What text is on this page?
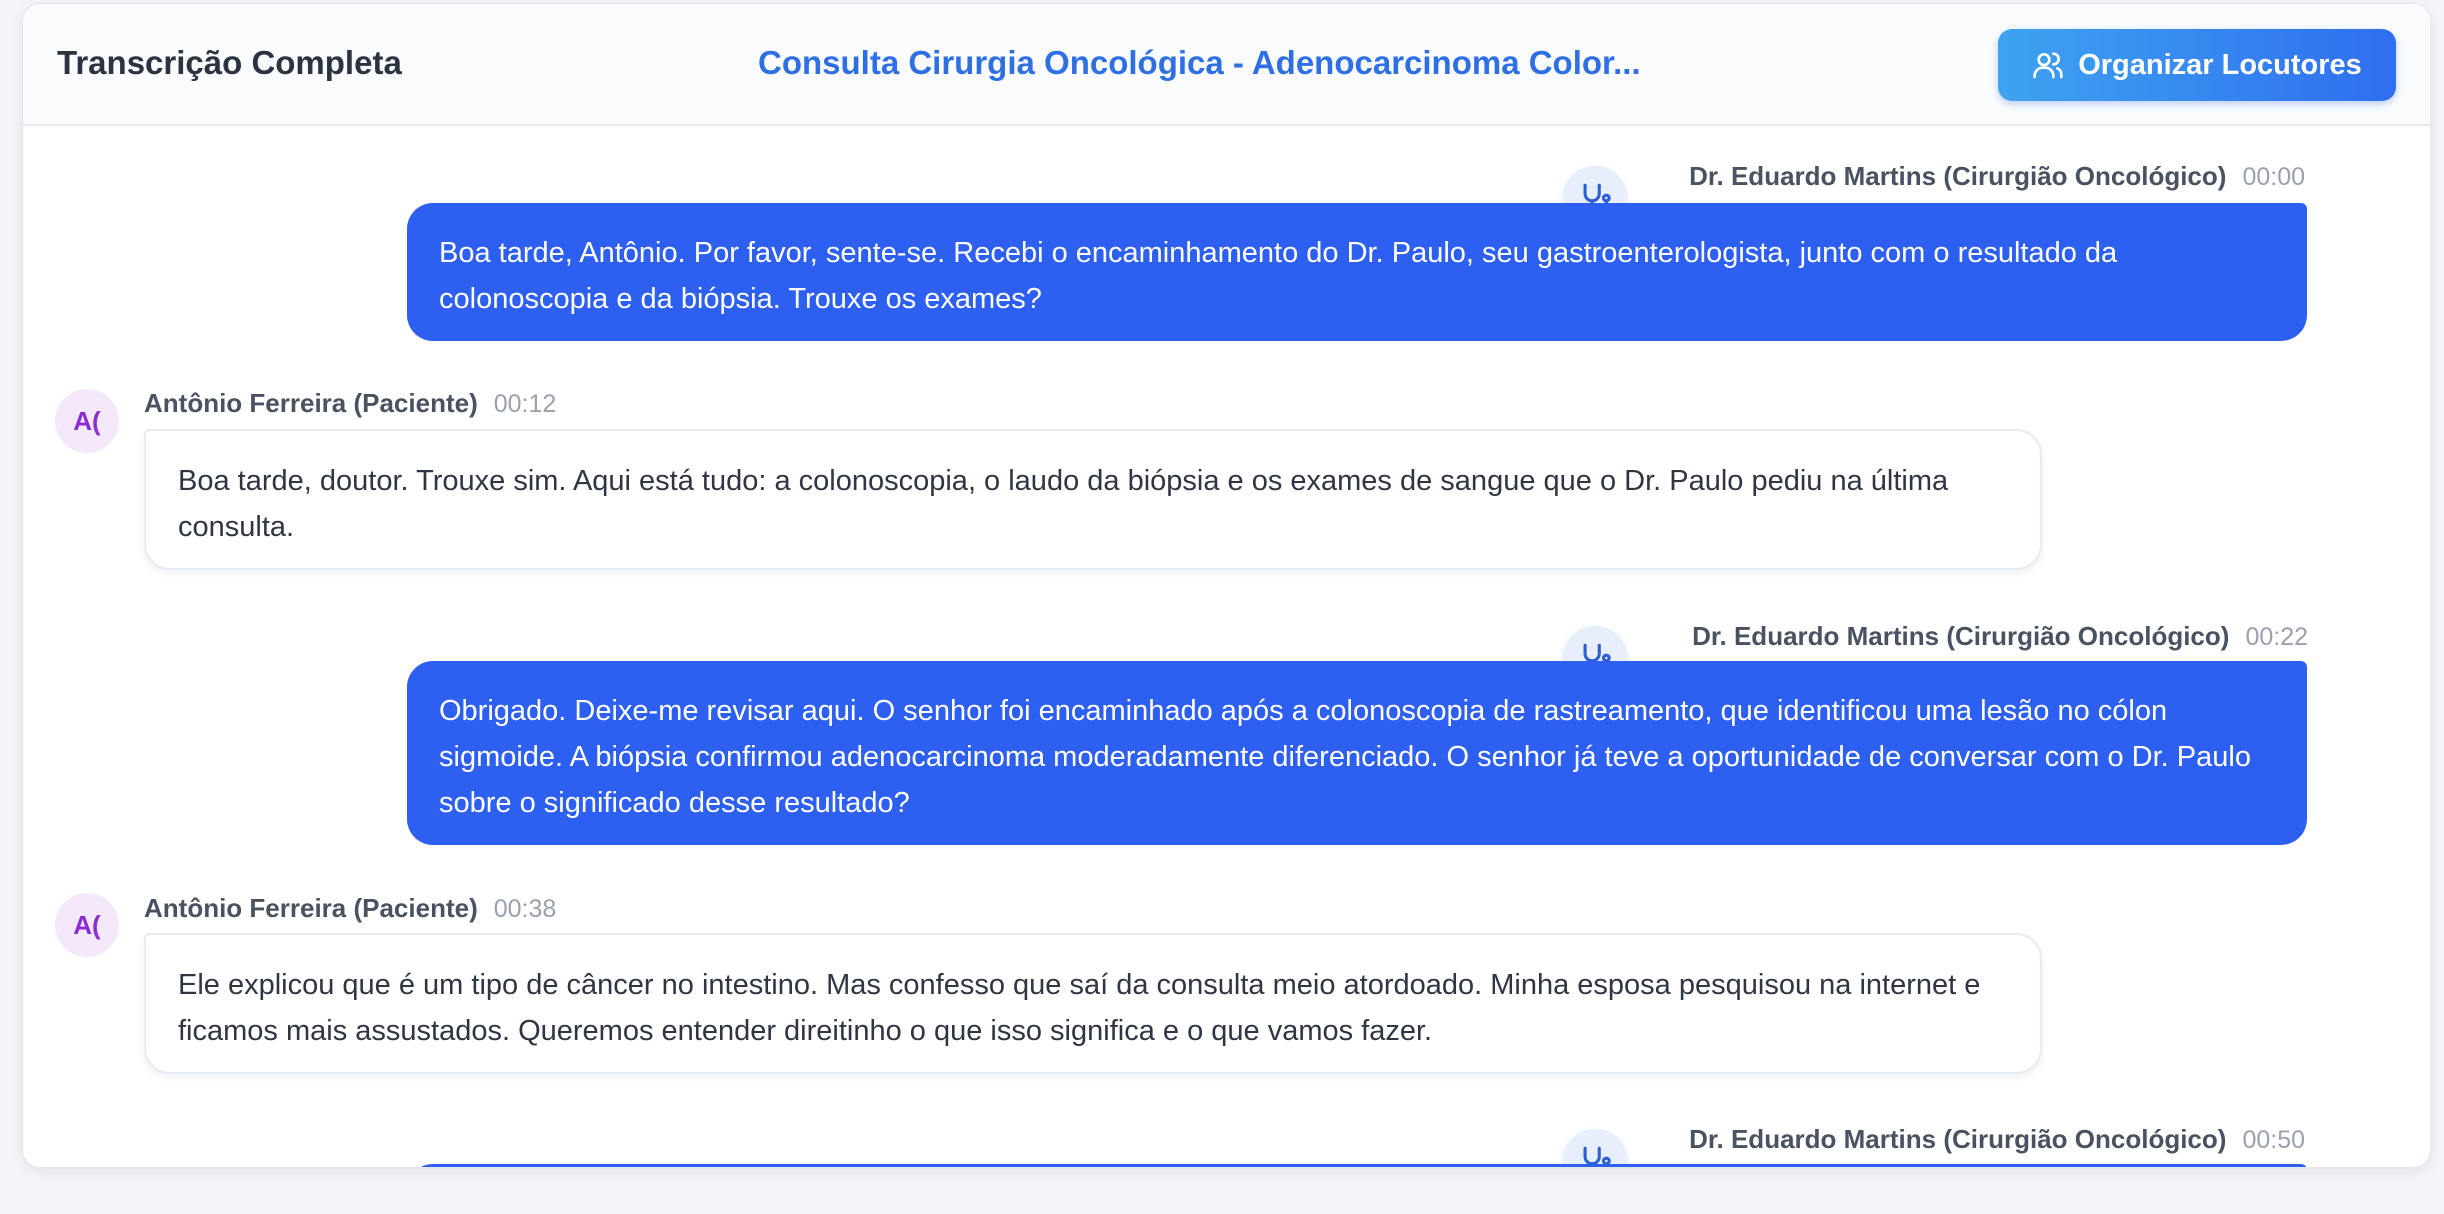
Transcrição Completa	Consulta Cirurgia Oncológica - Adenocarcinoma Color...	Organizar Locutores
Dr. Eduardo Martins (Cirurgião Oncológico) 00:00
Boa tarde, Antônio. Por favor, sente-se. Recebi o encaminhamento do Dr. Paulo, seu gastroenterologista, junto com o resultado da colonoscopia e da biópsia. Trouxe os exames?
A(
Antônio Ferreira (Paciente) 00:12
Boa tarde, doutor. Trouxe sim. Aqui está tudo: a colonoscopia, o laudo da biópsia e os exames de sangue que o Dr. Paulo pediu na última consulta.
Dr. Eduardo Martins (Cirurgião Oncológico) 00:22
Obrigado. Deixe-me revisar aqui. O senhor foi encaminhado após a colonoscopia de rastreamento, que identificou uma lesão no cólon sigmoide. A biópsia confirmou adenocarcinoma moderadamente diferenciado. O senhor já teve a oportunidade de conversar com o Dr. Paulo sobre o significado desse resultado?
A(
Antônio Ferreira (Paciente) 00:38
Ele explicou que é um tipo de câncer no intestino. Mas confesso que saí da consulta meio atordoado. Minha esposa pesquisou na internet e ficamos mais assustados. Queremos entender direitinho o que isso significa e o que vamos fazer.
Dr. Eduardo Martins (Cirurgião Oncológico) 00:50
